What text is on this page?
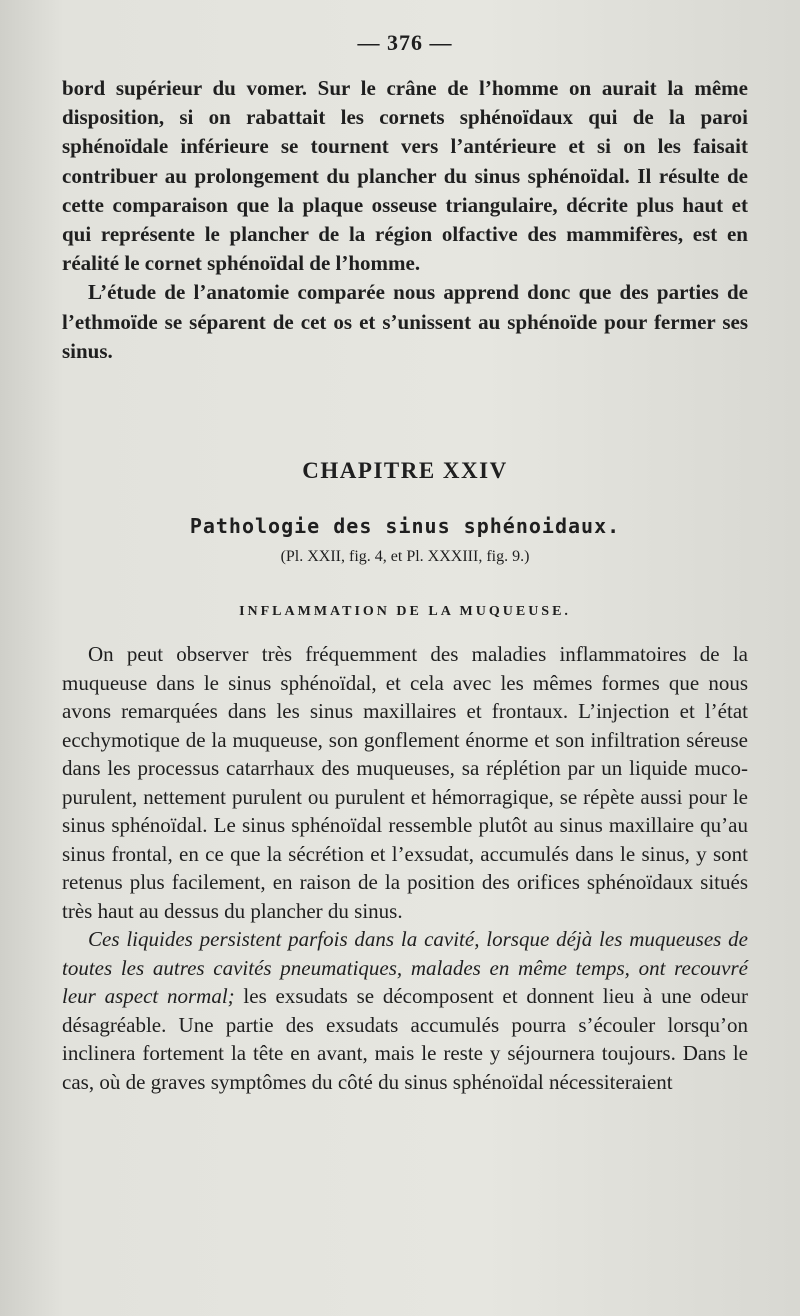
— 376 —

bord supérieur du vomer. Sur le crâne de l’homme on aurait la même disposition, si on rabattait les cornets sphénoïdaux qui de la paroi sphénoïdale inférieure se tournent vers l’antérieure et si on les faisait contribuer au prolongement du plancher du sinus sphénoïdal. Il résulte de cette comparaison que la plaque osseuse triangulaire, décrite plus haut et qui représente le plancher de la région olfactive des mammifères, est en réalité le cornet sphénoïdal de l’homme.

L’étude de l’anatomie comparée nous apprend donc que des parties de l’ethmoïde se séparent de cet os et s’unissent au sphénoïde pour fermer ses sinus.

CHAPITRE XXIV
Pathologie des sinus sphénoidaux.
(Pl. XXII, fig. 4, et Pl. XXXIII, fig. 9.)
INFLAMMATION DE LA MUQUEUSE.

On peut observer très fréquemment des maladies inflammatoires de la muqueuse dans le sinus sphénoïdal, et cela avec les mêmes formes que nous avons remarquées dans les sinus maxillaires et frontaux. L’injection et l’état ecchymotique de la muqueuse, son gonflement énorme et son infiltration séreuse dans les processus catarrhaux des muqueuses, sa réplétion par un liquide muco-purulent, nettement purulent ou purulent et hémorragique, se répète aussi pour le sinus sphénoïdal. Le sinus sphénoïdal ressemble plutôt au sinus maxillaire qu’au sinus frontal, en ce que la sécrétion et l’exsudat, accumulés dans le sinus, y sont retenus plus facilement, en raison de la position des orifices sphénoïdaux situés très haut au dessus du plancher du sinus.

Ces liquides persistent parfois dans la cavité, lorsque déjà les muqueuses de toutes les autres cavités pneumatiques, malades en même temps, ont recouvré leur aspect normal; les exsudats se décomposent et donnent lieu à une odeur désagréable. Une partie des exsudats accumulés pourra s’écouler lorsqu’on inclinera fortement la tête en avant, mais le reste y séjournera toujours. Dans le cas, où de graves symptômes du côté du sinus sphénoïdal nécessiteraient
